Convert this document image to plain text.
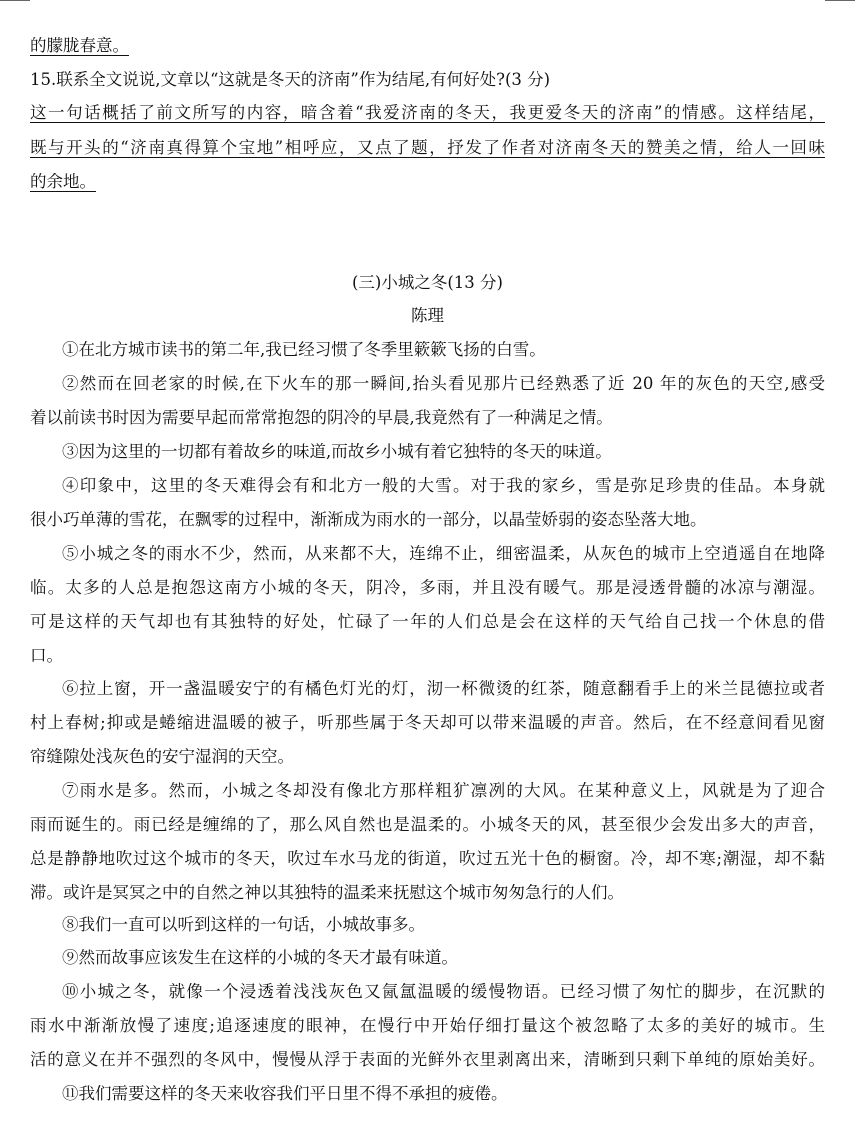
的朦胧春意。
15.联系全文说说,文章以“这就是冬天的济南”作为结尾,有何好处?(3 分)
这一句话概括了前文所写的内容，暗含着“我爱济南的冬天，我更爱冬天的济南”的情感。这样结尾，
既与开头的“济南真得算个宝地”相呼应，又点了题，抒发了作者对济南冬天的赞美之情，给人一回味
的余地。
(三)小城之冬(13 分)
陈理
①在北方城市读书的第二年,我已经习惯了冬季里簌簌飞扬的白雪。
②然而在回老家的时候,在下火车的那一瞬间,抬头看见那片已经熟悉了近 20 年的灰色的天空,感受
着以前读书时因为需要早起而常常抱怨的阴冷的早晨,我竟然有了一种满足之情。
③因为这里的一切都有着故乡的味道,而故乡小城有着它独特的冬天的味道。
④印象中，这里的冬天难得会有和北方一般的大雪。对于我的家乡，雪是弥足珍贵的佳品。本身就
很小巧单薄的雪花，在飘零的过程中，渐渐成为雨水的一部分，以晶莹娇弱的姿态坠落大地。
⑤小城之冬的雨水不少，然而，从来都不大，连绵不止，细密温柔，从灰色的城市上空逍遥自在地降
临。太多的人总是抱怨这南方小城的冬天，阴冷，多雨，并且没有暖气。那是浸透骨髓的冰凉与潮湿。
可是这样的天气却也有其独特的好处，忙碌了一年的人们总是会在这样的天气给自己找一个休息的借
口。
⑥拉上窗，开一盏温暖安宁的有橘色灯光的灯，沏一杯微烫的红茶，随意翻看手上的米兰昆德拉或者
村上春树;抑或是蜷缩进温暖的被子，听那些属于冬天却可以带来温暖的声音。然后，在不经意间看见窗
帘缝隙处浅灰色的安宁湿润的天空。
⑦雨水是多。然而，小城之冬却没有像北方那样粗犷凛冽的大风。在某种意义上，风就是为了迎合
雨而诞生的。雨已经是缠绵的了，那么风自然也是温柔的。小城冬天的风，甚至很少会发出多大的声音，
总是静静地吹过这个城市的冬天，吹过车水马龙的街道，吹过五光十色的橱窗。冷，却不寒;潮湿，却不黏
滞。或许是冥冥之中的自然之神以其独特的温柔来抚慰这个城市匆匆急行的人们。
⑧我们一直可以听到这样的一句话，小城故事多。
⑨然而故事应该发生在这样的小城的冬天才最有味道。
⑩小城之冬，就像一个浸透着浅浅灰色又氤氲温暖的缓慢物语。已经习惯了匆忙的脚步，在沉默的
雨水中渐渐放慢了速度;追逐速度的眼神，在慢行中开始仔细打量这个被忽略了太多的美好的城市。生
活的意义在并不强烈的冬风中，慢慢从浮于表面的光鲜外衣里剥离出来，清晰到只剩下单纯的原始美好。
⑪我们需要这样的冬天来收容我们平日里不得不承担的疲倦。
